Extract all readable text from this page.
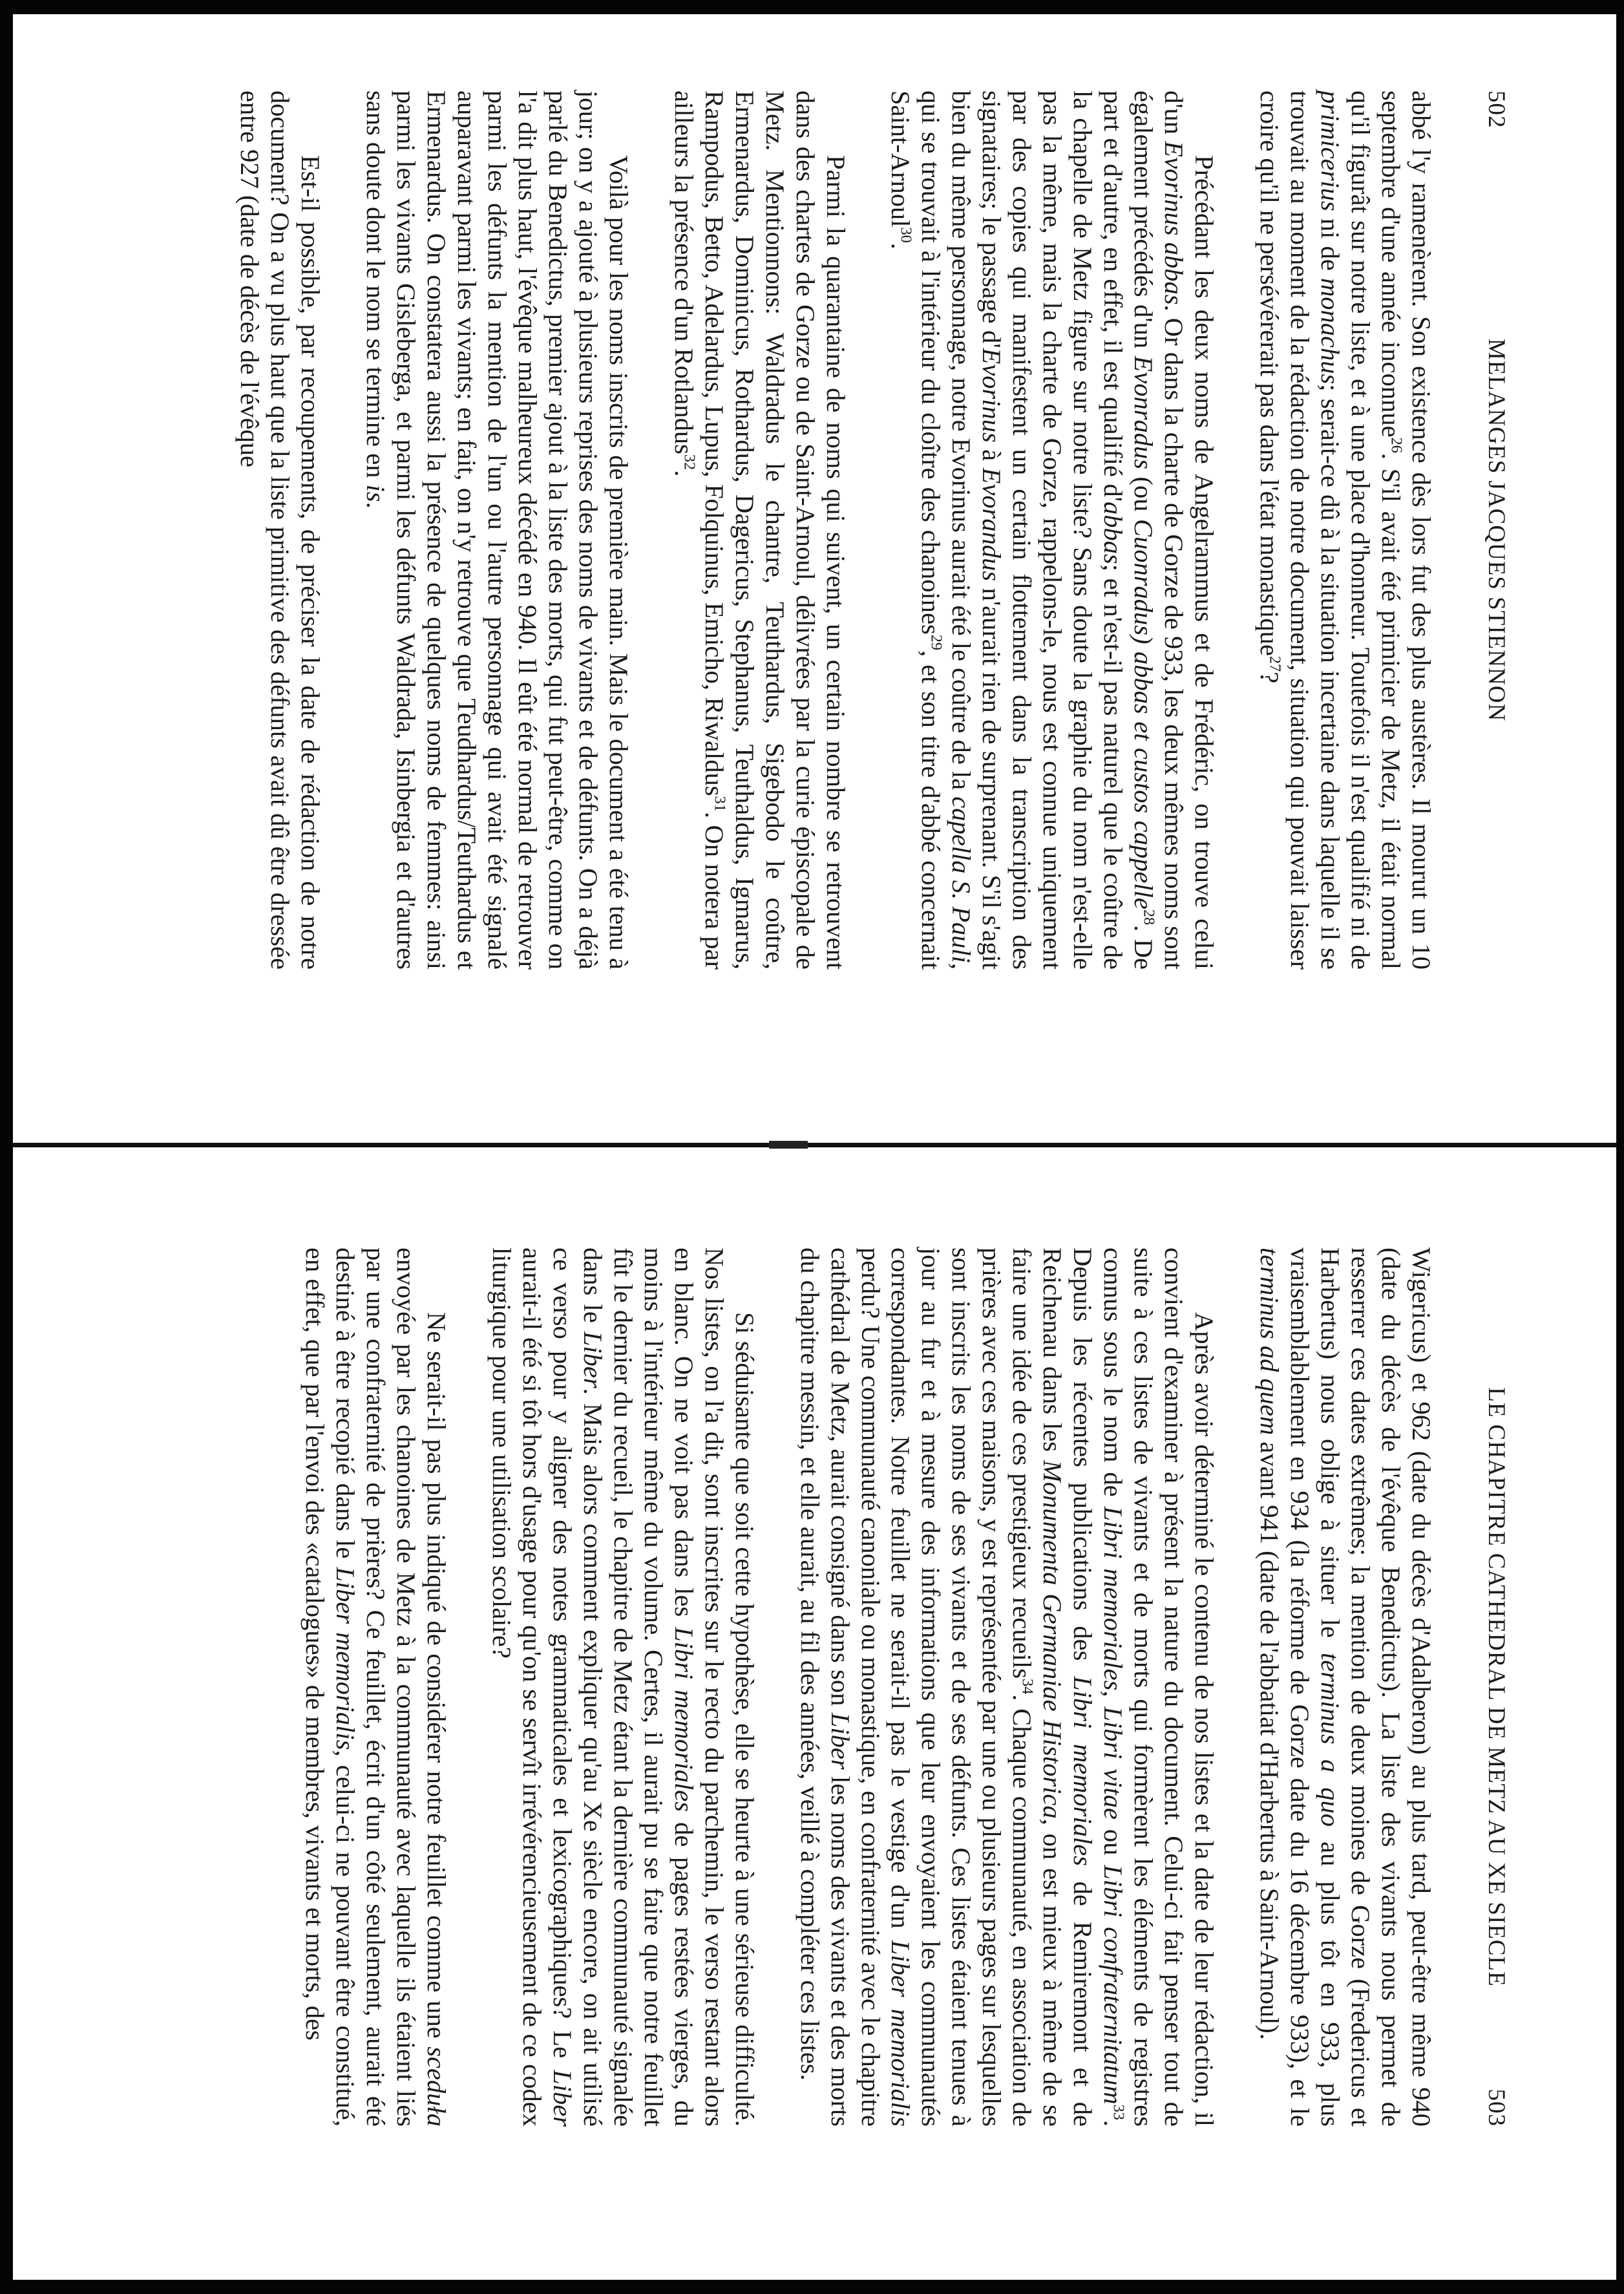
502
MELANGES JACQUES STIENNON

abbé l'y ramenèrent. Son existence dès lors fut des plus austères. Il mourut un 10 septembre d'une année inconnue$^{26}$. S'il avait été primicier de Metz, il était normal qu'il figurât sur notre liste, et à une place d'honneur. Toutefois il n'est qualifié ni de primicerius ni de monachus; serait-ce dû à la situation incertaine dans laquelle il se trouvait au moment de la rédaction de notre document, situation qui pouvait laisser croire qu'il ne persévérerait pas dans l'état monastique$^{27}$?

Précédant les deux noms de Angelrammus et de Frédéric, on trouve celui d'un Evorinus abbas. Or dans la charte de Gorze de 933, les deux mêmes noms sont également précédés d'un Evonradus (ou Cuonradus) abbas et custos cappelle$^{28}$. De part et d'autre, en effet, il est qualifié d'abbas; et n'est-il pas naturel que le coûtre de la chapelle de Metz figure sur notre liste? Sans doute la graphie du nom n'est-elle pas la même, mais la charte de Gorze, rappelons-le, nous est connue uniquement par des copies qui manifestent un certain flottement dans la transcription des signataires; le passage d'Evorinus à Evorandus n'aurait rien de surprenant. S'il s'agit bien du même personnage, notre Evorinus aurait été le coûtre de la capella S. Pauli, qui se trouvait à l'intérieur du cloître des chanoines$^{29}$, et son titre d'abbé concernait Saint-Arnoul$^{30}$.

Parmi la quarantaine de noms qui suivent, un certain nombre se retrouvent dans des chartes de Gorze ou de Saint-Arnoul, délivrées par la curie épiscopale de Metz. Mentionnons: Waldradus le chantre, Teuthardus, Sigebodo le coûtre, Ermenardus, Dominicus, Rothardus, Dagericus, Stephanus, Teuthaldus, Igmarus, Rampodus, Betto, Adelardus, Lupus, Folquinus, Emicho, Riwaldus$^{31}$. On notera par ailleurs la présence d'un Rotlandus$^{32}$.

Voilà pour les noms inscrits de première main. Mais le document a été tenu à jour; on y a ajouté à plusieurs reprises des noms de vivants et de défunts. On a déjà parlé du Benedictus, premier ajout à la liste des morts, qui fut peut-être, comme on l'a dit plus haut, l'évêque malheureux décédé en 940. Il eût été normal de retrouver parmi les défunts la mention de l'un ou l'autre personnage qui avait été signalé auparavant parmi les vivants; en fait, on n'y retrouve que Teudhardus/Teuthardus et Ermenardus. On constatera aussi la présence de quelques noms de femmes: ainsi parmi les vivants Gisleberga, et parmi les défunts Waldrada, Isinbergia et d'autres sans doute dont le nom se termine en is.

Est-il possible, par recoupements, de préciser la date de rédaction de notre document? On a vu plus haut que la liste primitive des défunts avait dû être dressée entre 927 (date de décès de l'évêque

LE CHAPITRE CATHEDRAL DE METZ AU XE SIECLE
503

Wigericus) et 962 (date du décès d'Adalberon) au plus tard, peut-être même 940 (date du décès de l'évêque Benedictus). La liste des vivants nous permet de resserrer ces dates extrêmes; la mention de deux moines de Gorze (Fredericus et Harbertus) nous oblige à situer le terminus a quo au plus tôt en 933, plus vraisemblablement en 934 (la réforme de Gorze date du 16 décembre 933), et le terminus ad quem avant 941 (date de l'abbatiat d'Harbertus à Saint-Arnoul).

Après avoir déterminé le contenu de nos listes et la date de leur rédaction, il convient d'examiner à présent la nature du document. Celui-ci fait penser tout de suite à ces listes de vivants et de morts qui formèrent les éléments de registres connus sous le nom de Libri memoriales, Libri vitae ou Libri confraternitatum$^{33}$. Depuis les récentes publications des Libri memoriales de Remiremont et de Reichenau dans les Monumenta Germaniae Historica, on est mieux à même de se faire une idée de ces prestigieux recueils$^{34}$. Chaque communauté, en association de prières avec ces maisons, y est représentée par une ou plusieurs pages sur lesquelles sont inscrits les noms de ses vivants et de ses défunts. Ces listes étaient tenues à jour au fur et à mesure des informations que leur envoyaient les communautés correspondantes. Notre feuillet ne serait-il pas le vestige d'un Liber memorialis perdu? Une communauté canoniale ou monastique, en confraternité avec le chapitre cathédral de Metz, aurait consigné dans son Liber les noms des vivants et des morts du chapitre messin, et elle aurait, au fil des années, veillé à compléter ces listes.

Si séduisante que soit cette hypothèse, elle se heurte à une sérieuse difficulté. Nos listes, on l'a dit, sont inscrites sur le recto du parchemin, le verso restant alors en blanc. On ne voit pas dans les Libri memoriales de pages restées vierges, du moins à l'intérieur même du volume. Certes, il aurait pu se faire que notre feuillet fût le dernier du recueil, le chapitre de Metz étant la dernière communauté signalée dans le Liber. Mais alors comment expliquer qu'au Xe siècle encore, on ait utilisé ce verso pour y aligner des notes grammaticales et lexicographiques? Le Liber aurait-il été si tôt hors d'usage pour qu'on se servît irrévérencieusement de ce codex liturgique pour une utilisation scolaire?

Ne serait-il pas plus indiqué de considérer notre feuillet comme une sceduła envoyée par les chanoines de Metz à la communauté avec laquelle ils étaient liés par une confraternité de prières? Ce feuillet, écrit d'un côté seulement, aurait été destiné à être recopié dans le Liber memorialis, celui-ci ne pouvant être constitué, en effet, que par l'envoi des «catalogues» de membres, vivants et morts, des
